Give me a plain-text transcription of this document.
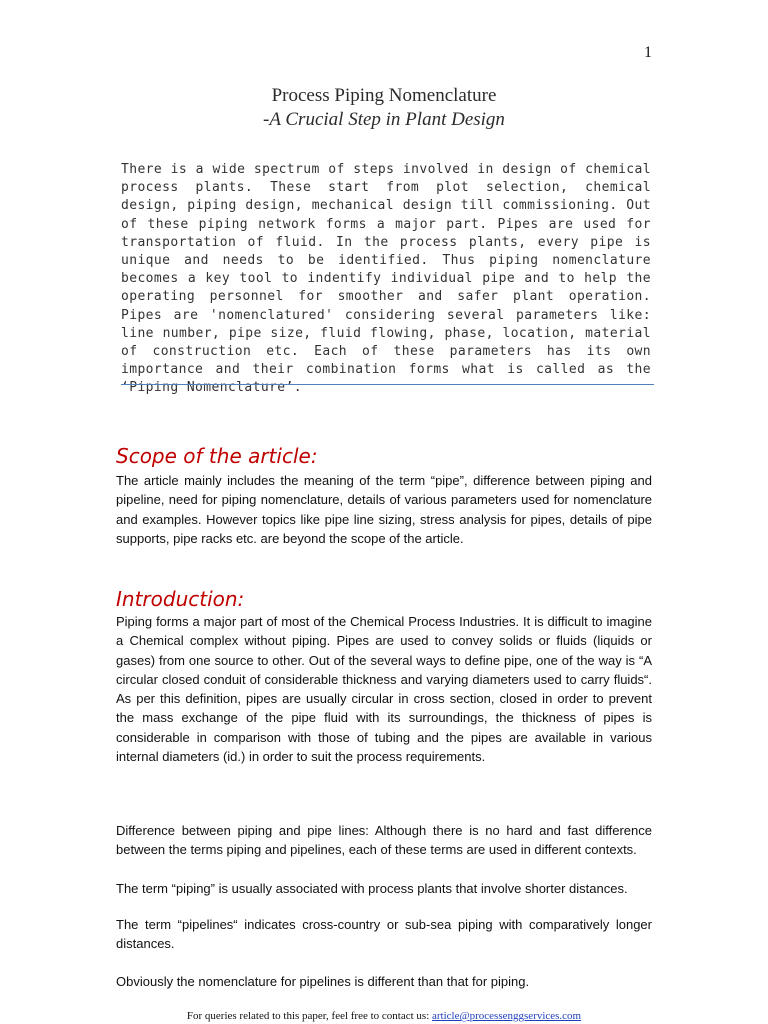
1
Process Piping Nomenclature
-A Crucial Step in Plant Design
There is a wide spectrum of steps involved in design of chemical process plants. These start from plot selection, chemical design, piping design, mechanical design till commissioning. Out of these piping network forms a major part. Pipes are used for transportation of fluid. In the process plants, every pipe is unique and needs to be identified. Thus piping nomenclature becomes a key tool to indentify individual pipe and to help the operating personnel for smoother and safer plant operation. Pipes are 'nomenclatured' considering several parameters like: line number, pipe size, fluid flowing, phase, location, material of construction etc. Each of these parameters has its own importance and their combination forms what is called as the ‘Piping Nomenclature’.
Scope of the article:
The article mainly includes the meaning of the term “pipe”, difference between piping and pipeline, need for piping nomenclature, details of various parameters used for nomenclature and examples. However topics like pipe line sizing, stress analysis for pipes, details of pipe supports, pipe racks etc. are beyond the scope of the article.
Introduction:
Piping forms a major part of most of the Chemical Process Industries. It is difficult to imagine a Chemical complex without piping. Pipes are used to convey solids or fluids (liquids or gases) from one source to other. Out of the several ways to define pipe, one of the way is “A circular closed conduit of considerable thickness and varying diameters used to carry fluids“. As per this definition, pipes are usually circular in cross section, closed in order to prevent the mass exchange of the pipe fluid with its surroundings, the thickness of pipes is considerable in comparison with those of tubing and the pipes are available in various internal diameters (id.) in order to suit the process requirements.
Difference between piping and pipe lines: Although there is no hard and fast difference between the terms piping and pipelines, each of these terms are used in different contexts.
The term “piping” is usually associated with process plants that involve shorter distances.
The term “pipelines“ indicates cross-country or sub-sea piping with comparatively longer distances.
Obviously the nomenclature for pipelines is different than that for piping.
For queries related to this paper, feel free to contact us: article@processenggservices.com
